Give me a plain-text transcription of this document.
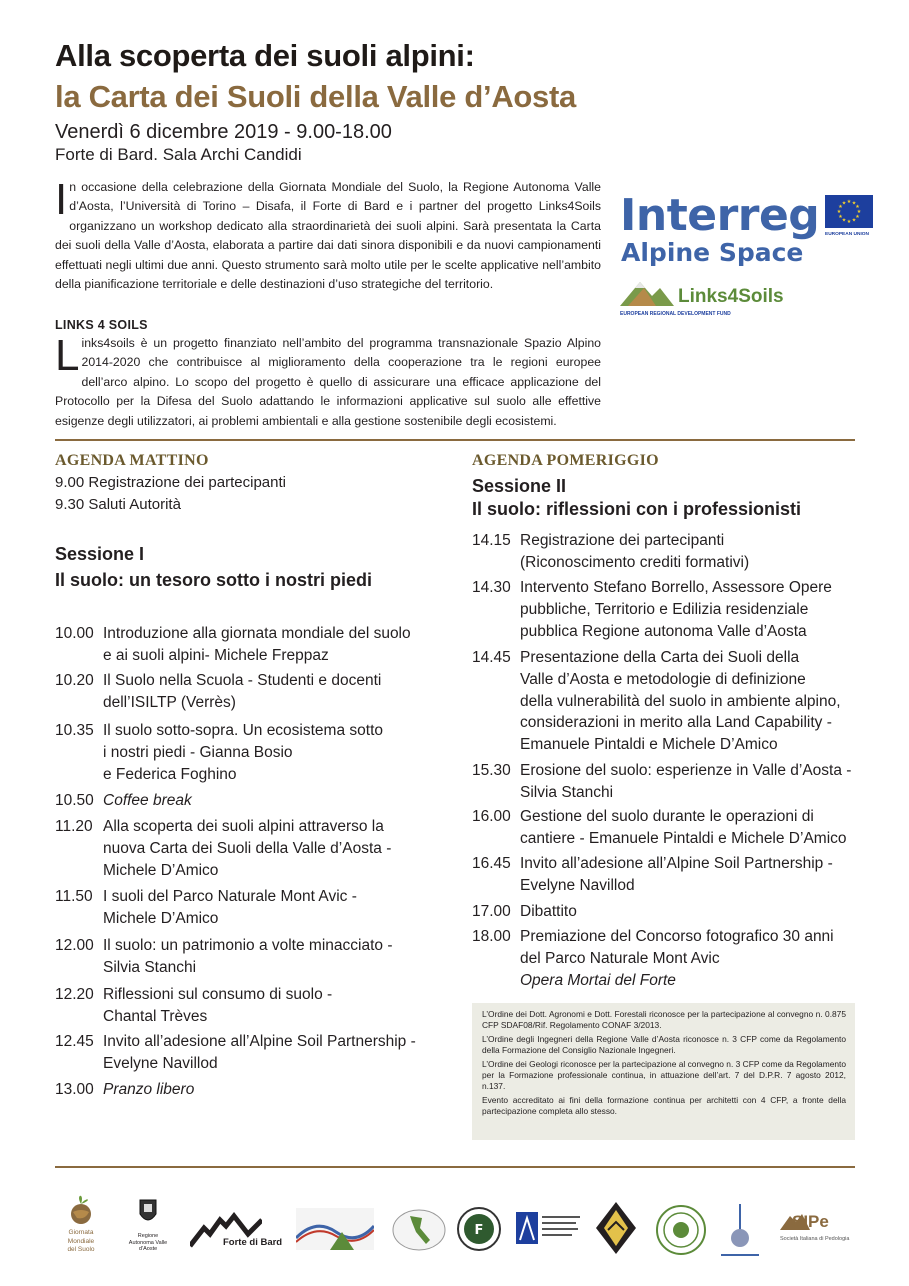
Alla scoperta dei suoli alpini:
la Carta dei Suoli della Valle d’Aosta
Venerdì 6 dicembre 2019 - 9.00-18.00
Forte di Bard. Sala Archi Candidi
In occasione della celebrazione della Giornata Mondiale del Suolo, la Regione Autonoma Valle d’Aosta, l’Università di Torino – Disafa, il Forte di Bard e i partner del progetto Links4Soils organizzano un workshop dedicato alla straordinarietà dei suoli alpini. Sarà presentata la Carta dei suoli della Valle d’Aosta, elaborata a partire dai dati sinora disponibili e da nuovi campionamenti effettuati negli ultimi due anni. Questo strumento sarà molto utile per le scelte applicative nell’ambito della pianificazione territoriale e delle destinazioni d’uso strategiche del territorio.
LINKS 4 SOILS
Links4soils è un progetto finanziato nell’ambito del programma transnazionale Spazio Alpino 2014-2020 che contribuisce al miglioramento della cooperazione tra le regioni europee dell’arco alpino. Lo scopo del progetto è quello di assicurare una efficace applicazione del Protocollo per la Difesa del Suolo adattando le informazioni applicative sul suolo alle effettive esigenze degli utilizzatori, ai problemi ambientali e alla gestione sostenibile degli ecosistemi.
Interreg
Alpine Space
★ ★
★
★
★
★
★
★
★
★
★
★
EUROPEAN UNION
Links4Soils
EUROPEAN REGIONAL DEVELOPMENT FUND
AGENDA MATTINO
9.00 Registrazione dei partecipanti
9.30 Saluti Autorità
Sessione I
Il suolo: un tesoro sotto i nostri piedi
10.00 Introduzione alla giornata mondiale del suolo
e ai suoli alpini- Michele Freppaz
10.20 Il Suolo nella Scuola - Studenti e docenti
dell’ISILTP (Verrès)
10.35 Il suolo sotto-sopra. Un ecosistema sotto
i nostri piedi - Gianna Bosio
e Federica Foghino
10.50 Coffee break
11.20 Alla scoperta dei suoli alpini attraverso la
nuova Carta dei Suoli della Valle d’Aosta -
Michele D’Amico
11.50 I suoli del Parco Naturale Mont Avic -
Michele D’Amico
12.00 Il suolo: un patrimonio a volte minacciato -
Silvia Stanchi
12.20 Riflessioni sul consumo di suolo -
Chantal Trèves
12.45 Invito all’adesione all’Alpine Soil Partnership -
Evelyne Navillod
13.00 Pranzo libero
AGENDA POMERIGGIO
Sessione II
Il suolo: riflessioni con i professionisti
14.15 Registrazione dei partecipanti
(Riconoscimento crediti formativi)
14.30 Intervento Stefano Borrello, Assessore Opere
pubbliche, Territorio e Edilizia residenziale
pubblica Regione autonoma Valle d’Aosta
14.45 Presentazione della Carta dei Suoli della
Valle d’Aosta e metodologie di definizione
della vulnerabilità del suolo in ambiente alpino,
considerazioni in merito alla Land Capability -
Emanuele Pintaldi e Michele D’Amico
15.30 Erosione del suolo: esperienze in Valle d’Aosta -
Silvia Stanchi
16.00 Gestione del suolo durante le operazioni di
cantiere - Emanuele Pintaldi e Michele D’Amico
16.45 Invito all’adesione all’Alpine Soil Partnership -
Evelyne Navillod
17.00 Dibattito
18.00 Premiazione del Concorso fotografico 30 anni
del Parco Naturale Mont Avic
Opera Mortai del Forte

L’Ordine dei Dott. Agronomi e Dott. Forestali riconosce per la partecipazione al convegno n. 0.875 CFP SDAF08/Rif. Regolamento CONAF 3/2013.

L’Ordine degli Ingegneri della Regione Valle d’Aosta riconosce n. 3 CFP come da Regolamento della Formazione del Consiglio Nazionale Ingegneri.

L’Ordine dei Geologi riconosce per la partecipazione al convegno n. 3 CFP come da Regolamento per la Formazione professionale continua, in attuazione dell’art. 7 del D.P.R. 7 agosto 2012, n.137.

Evento accreditato ai fini della formazione continua per architetti con 4 CFP, a fronte della partecipazione completa allo stesso.

Giornata Mondiale del Suolo
Regione Autonoma Valle d’Aoste
Forte di Bard
F	SIPe
Società Italiana di Pedologia
